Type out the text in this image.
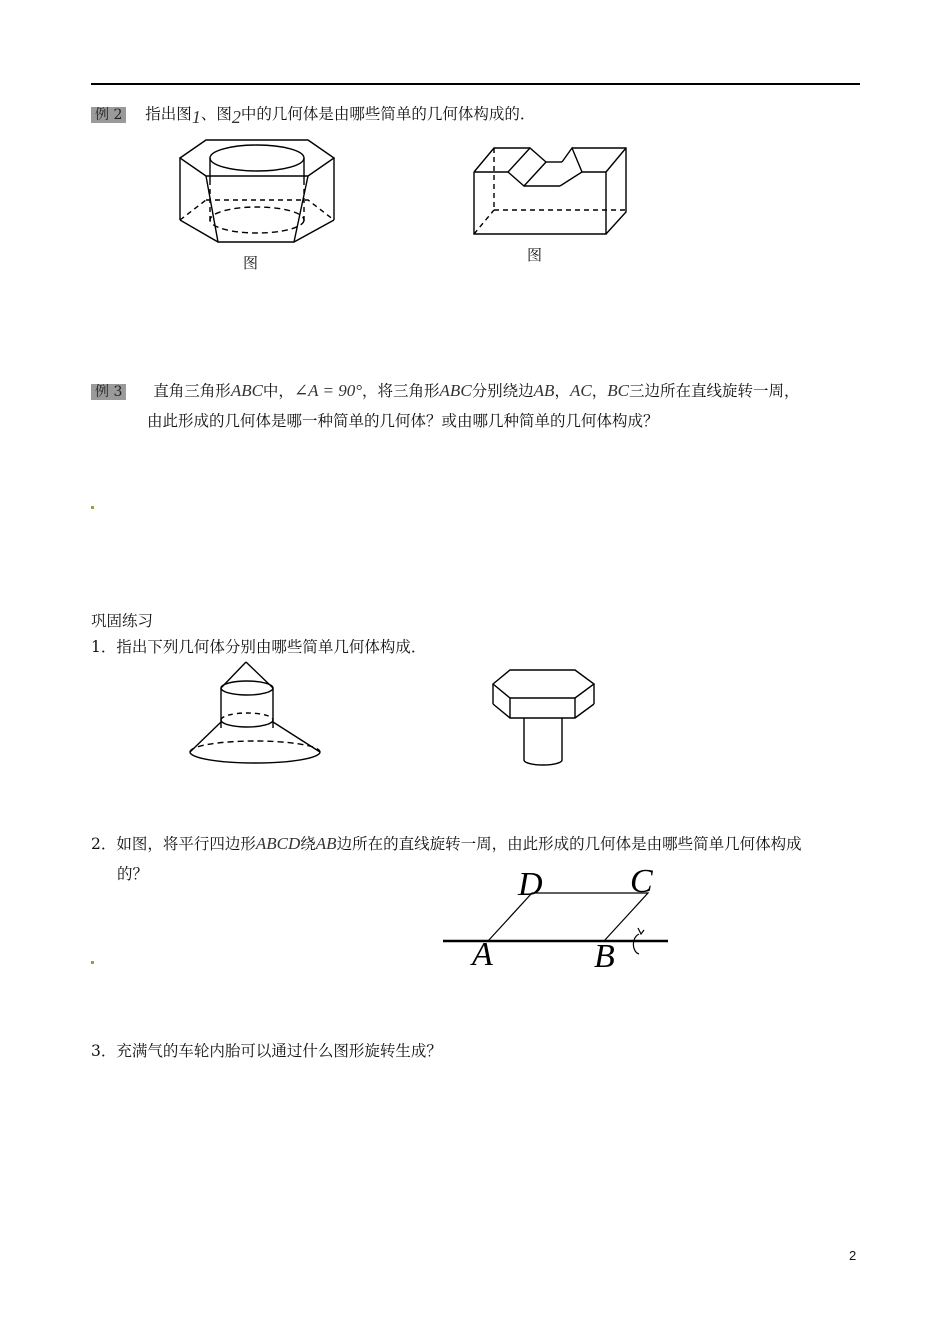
例 2 指出图1、图2中的几何体是由哪些简单的几何体构成的．
图	图
例 3 直角三角形ABC中，∠A = 90°，将三角形ABC分别绕边AB，AC，BC三边所在直线旋转一周，
由此形成的几何体是哪一种简单的几何体？或由哪几种简单的几何体构成？
巩固练习
1．指出下列几何体分别由哪些简单几何体构成．
2．如图，将平行四边形ABCD绕AB边所在的直线旋转一周，由此形成的几何体是由哪些简单几何体构成
的？	D	C
A	B
3．充满气的车轮内胎可以通过什么图形旋转生成？
2
